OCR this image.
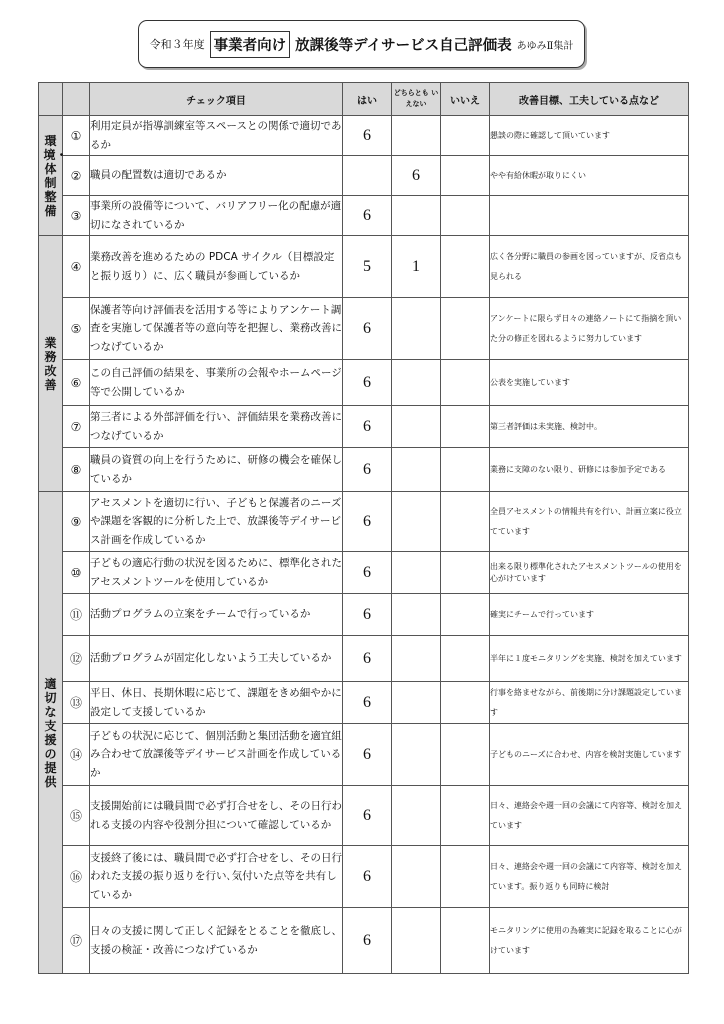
令和３年度 事業者向け 放課後等デイサービス自己評価表 あゆみⅡ集計
		チェック項目	はい	どちらとも いえない	いいえ	改善目標、工夫している点など
環境・体制整備	①	利用定員が指導訓練室等スペースとの関係で適切であるか	6			懇談の際に確認して頂いています
	②	職員の配置数は適切であるか		6		やや有給休暇が取りにくい
	③	事業所の設備等について、バリアフリー化の配慮が適切になされているか	6			
業務改善	④	業務改善を進めるための PDCA サイクル（目標設定と振り返り）に、広く職員が参画しているか	5	1		広く各分野に職員の参画を図っていますが、反省点も見られる
	⑤	保護者等向け評価表を活用する等によりアンケート調査を実施して保護者等の意向等を把握し、業務改善につなげているか	6			アンケートに限らず日々の連絡ノートにて指摘を頂いた分の修正を図れるように努力しています
	⑥	この自己評価の結果を、事業所の会報やホームページ等で公開しているか	6			公表を実施しています
	⑦	第三者による外部評価を行い、評価結果を業務改善につなげているか	6			第三者評価は未実施、検討中。
	⑧	職員の資質の向上を行うために、研修の機会を確保しているか	6			業務に支障のない限り、研修には参加予定である
適切な支援の提供	⑨	アセスメントを適切に行い、子どもと保護者のニーズや課題を客観的に分析した上で、放課後等デイサービス計画を作成しているか	6			全員アセスメントの情報共有を行い、計画立案に役立てています
	⑩	子どもの適応行動の状況を図るために、標準化されたアセスメントツールを使用しているか	6			出来る限り標準化されたアセスメントツールの使用を心がけています
	⑪	活動プログラムの立案をチームで行っているか	6			確実にチームで行っています
	⑫	活動プログラムが固定化しないよう工夫しているか	6			半年に１度モニタリングを実施、検討を加えています
	⑬	平日、休日、長期休暇に応じて、課題をきめ細やかに設定して支援しているか	6			行事を絡ませながら、前後期に分け課題設定しています
	⑭	子どもの状況に応じて、個別活動と集団活動を適宜組み合わせて放課後等デイサービス計画を作成しているか	6			子どものニーズに合わせ、内容を検討実施しています
	⑮	支援開始前には職員間で必ず打合せをし、その日行われる支援の内容や役割分担について確認しているか	6			日々、連絡会や週一回の会議にて内容等、検討を加えています
	⑯	支援終了後には、職員間で必ず打合せをし、その日行われた支援の振り返りを行い､気付いた点等を共有しているか	6			日々、連絡会や週一回の会議にて内容等、検討を加えています。振り返りも同時に検討
	⑰	日々の支援に関して正しく記録をとることを徹底し、支援の検証・改善につなげているか	6			モニタリングに使用の為確実に記録を取ることに心がけています
